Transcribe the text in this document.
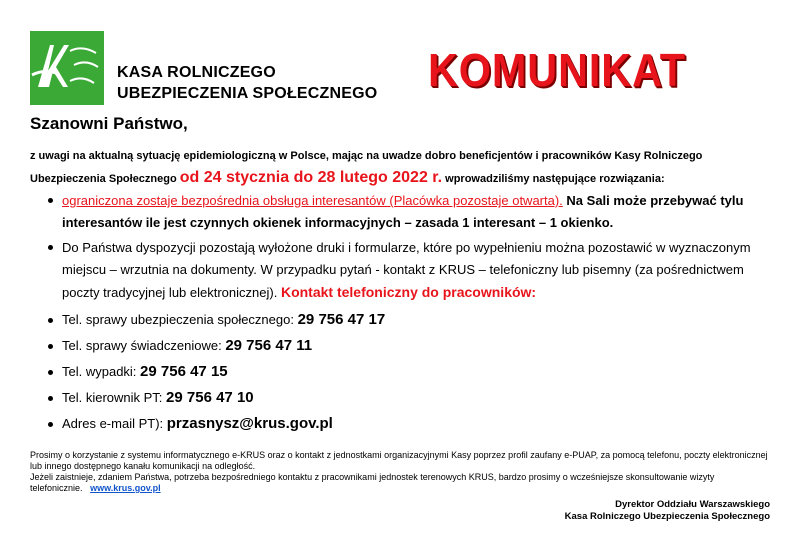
KASA ROLNICZEGO
UBEZPIECZENIA SPOŁECZNEGO KOMUNIKAT
Szanowni Państwo,
z uwagi na aktualną sytuację epidemiologiczną w Polsce, mając na uwadze dobro beneficjentów i pracowników Kasy Rolniczego Ubezpieczenia Społecznego od 24 stycznia do 28 lutego 2022 r. wprowadziliśmy następujące rozwiązania:
ograniczona zostaje bezpośrednia obsługa interesantów (Placówka pozostaje otwarta). Na Sali może przebywać tylu interesantów ile jest czynnych okienek informacyjnych – zasada 1 interesant – 1 okienko.
Do Państwa dyspozycji pozostają wyłożone druki i formularze, które po wypełnieniu można pozostawić w wyznaczonym miejscu – wrzutnia na dokumenty. W przypadku pytań - kontakt z KRUS – telefoniczny lub pisemny (za pośrednictwem poczty tradycyjnej lub elektronicznej). Kontakt telefoniczny do pracowników:
Tel. sprawy ubezpieczenia społecznego: 29 756 47 17
Tel. sprawy świadczeniowe: 29 756 47 11
Tel. wypadki: 29 756 47 15
Tel. kierownik PT: 29 756 47 10
Adres e-mail PT): przasnysz@krus.gov.pl
Prosimy o korzystanie z systemu informatycznego e-KRUS oraz o kontakt z jednostkami organizacyjnymi Kasy poprzez profil zaufany e-PUAP, za pomocą telefonu, poczty elektronicznej lub innego dostępnego kanału komunikacji na odległość.
Jeżeli zaistnieje, zdaniem Państwa, potrzeba bezpośredniego kontaktu z pracownikami jednostek terenowych KRUS, bardzo prosimy o wcześniejsze skonsultowanie wizyty telefonicznie. www.krus.gov.pl
Dyrektor Oddziału Warszawskiego
Kasa Rolniczego Ubezpieczenia Społecznego
